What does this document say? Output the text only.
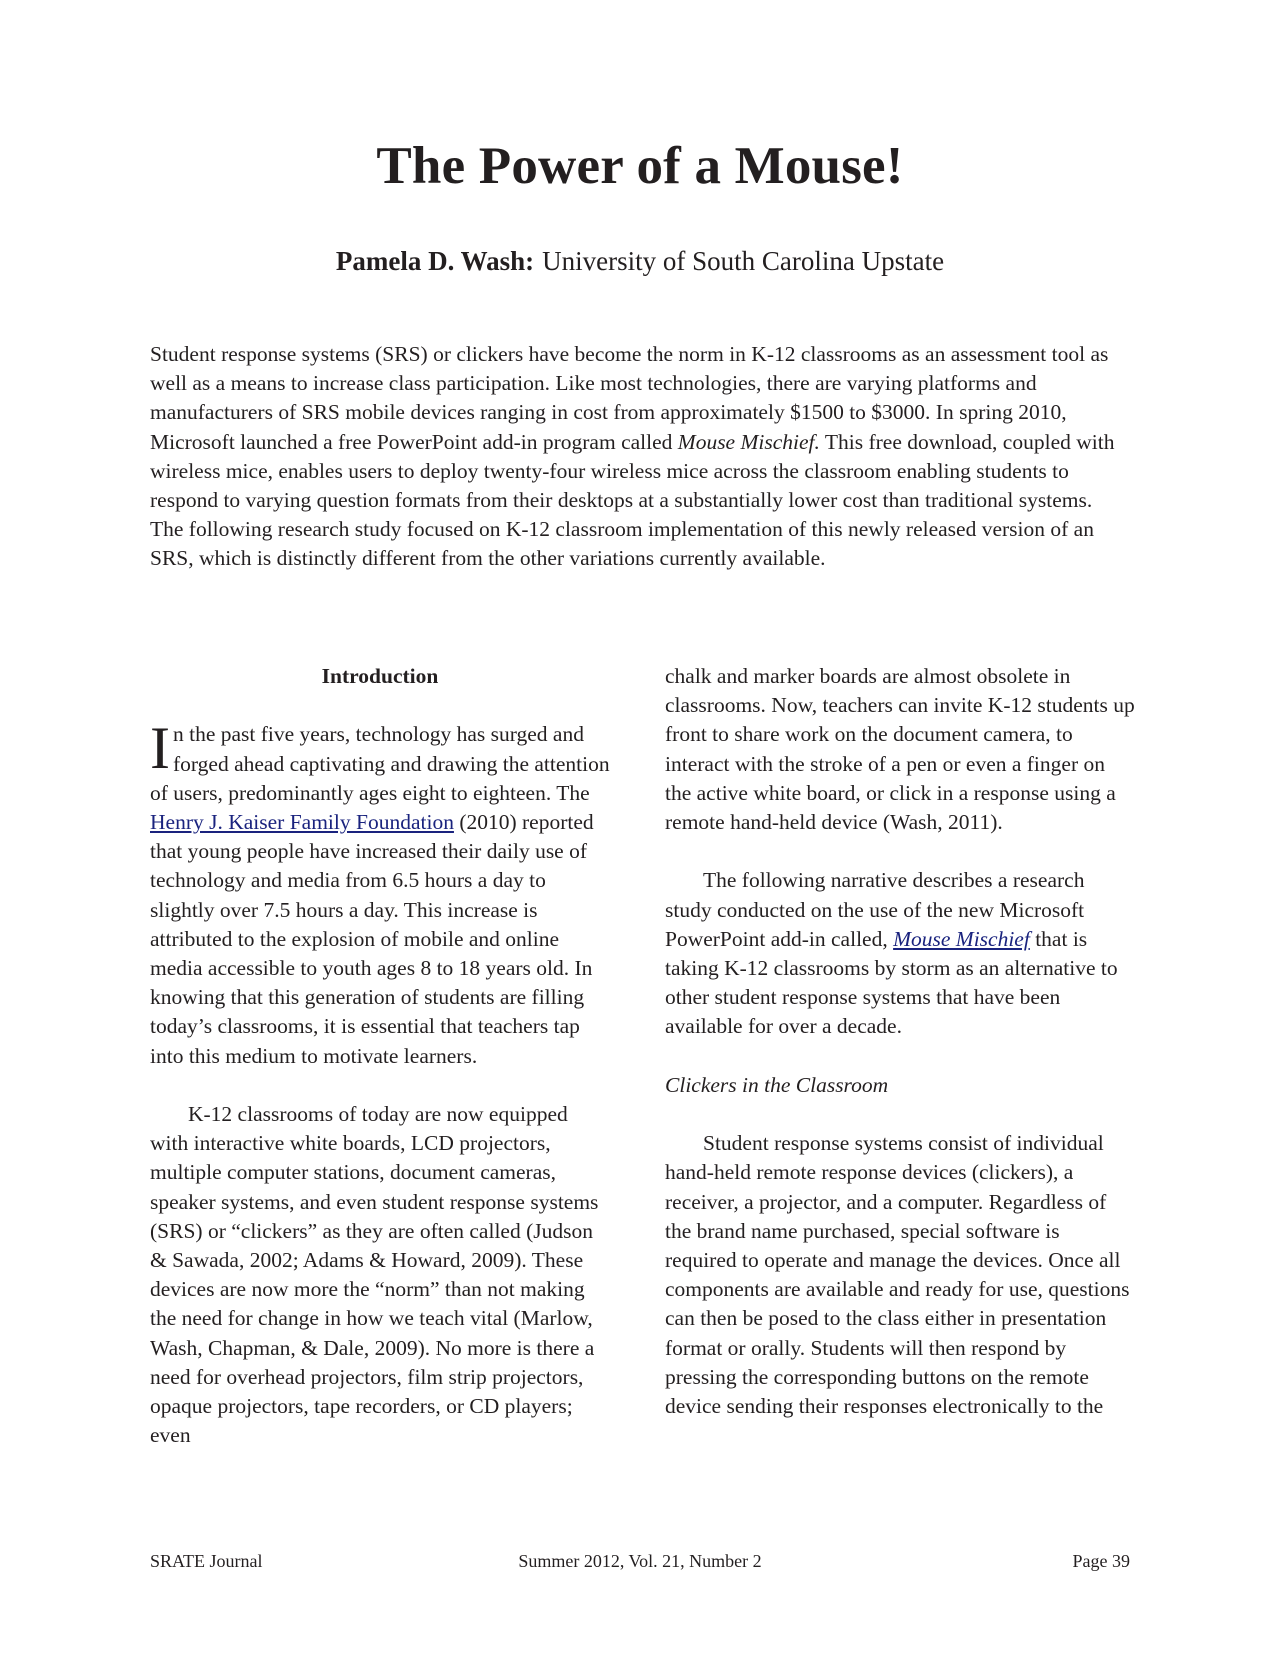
The Power of a Mouse!

Pamela D. Wash: University of South Carolina Upstate

Student response systems (SRS) or clickers have become the norm in K-12 classrooms as an assessment tool as well as a means to increase class participation. Like most technologies, there are varying platforms and manufacturers of SRS mobile devices ranging in cost from approximately $1500 to $3000. In spring 2010, Microsoft launched a free PowerPoint add-in program called Mouse Mischief. This free download, coupled with wireless mice, enables users to deploy twenty-four wireless mice across the classroom enabling students to respond to varying question formats from their desktops at a substantially lower cost than traditional systems. The following research study focused on K-12 classroom implementation of this newly released version of an SRS, which is distinctly different from the other variations currently available.

Introduction

In the past five years, technology has surged and forged ahead captivating and drawing the attention of users, predominantly ages eight to eighteen. The Henry J. Kaiser Family Foundation (2010) reported that young people have increased their daily use of technology and media from 6.5 hours a day to slightly over 7.5 hours a day. This increase is attributed to the explosion of mobile and online media accessible to youth ages 8 to 18 years old. In knowing that this generation of students are filling today’s classrooms, it is essential that teachers tap into this medium to motivate learners.

K-12 classrooms of today are now equipped with interactive white boards, LCD projectors, multiple computer stations, document cameras, speaker systems, and even student response systems (SRS) or “clickers” as they are often called (Judson & Sawada, 2002; Adams & Howard, 2009). These devices are now more the “norm” than not making the need for change in how we teach vital (Marlow, Wash, Chapman, & Dale, 2009). No more is there a need for overhead projectors, film strip projectors, opaque projectors, tape recorders, or CD players; even

chalk and marker boards are almost obsolete in classrooms. Now, teachers can invite K-12 students up front to share work on the document camera, to interact with the stroke of a pen or even a finger on the active white board, or click in a response using a remote hand-held device (Wash, 2011).

The following narrative describes a research study conducted on the use of the new Microsoft PowerPoint add-in called, Mouse Mischief that is taking K-12 classrooms by storm as an alternative to other student response systems that have been available for over a decade.

Clickers in the Classroom

Student response systems consist of individual hand-held remote response devices (clickers), a receiver, a projector, and a computer. Regardless of the brand name purchased, special software is required to operate and manage the devices. Once all components are available and ready for use, questions can then be posed to the class either in presentation format or orally. Students will then respond by pressing the corresponding buttons on the remote device sending their responses electronically to the

SRATE Journal	Summer 2012, Vol. 21, Number 2	Page 39
